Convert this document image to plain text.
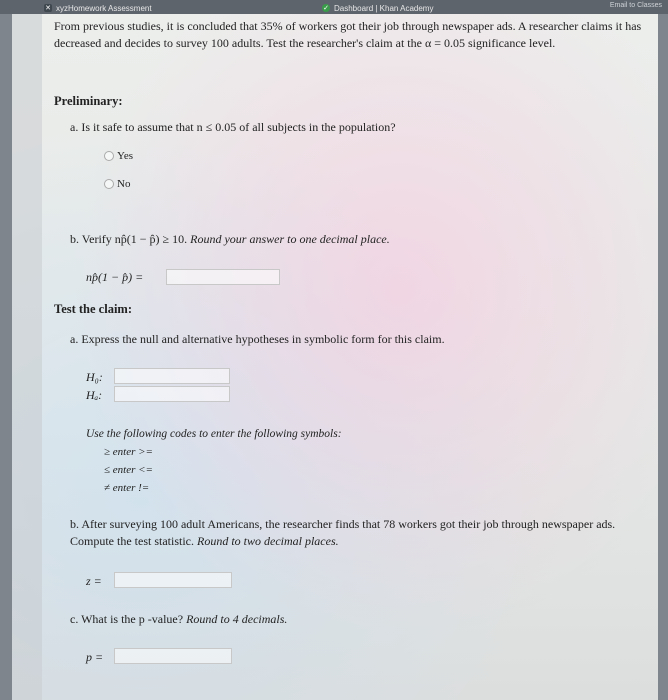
✕ xyzHomework Assessment	✓ Dashboard | Khan Academy	Email to Classes
From previous studies, it is concluded that 35% of workers got their job through newspaper ads. A researcher claims it has decreased and decides to survey 100 adults. Test the researcher's claim at the α = 0.05 significance level.
Preliminary:
a. Is it safe to assume that n ≤ 0.05 of all subjects in the population?
Yes
No
b. Verify np̂(1 − p̂) ≥ 10. Round your answer to one decimal place.
np̂(1 − p̂) =
Test the claim:
a. Express the null and alternative hypotheses in symbolic form for this claim.
H₀:
Hₐ:
Use the following codes to enter the following symbols:
≥ enter >=
≤ enter <=
≠ enter !=
b. After surveying 100 adult Americans, the researcher finds that 78 workers got their job through newspaper ads. Compute the test statistic. Round to two decimal places.
z =
c. What is the p -value? Round to 4 decimals.
p =
